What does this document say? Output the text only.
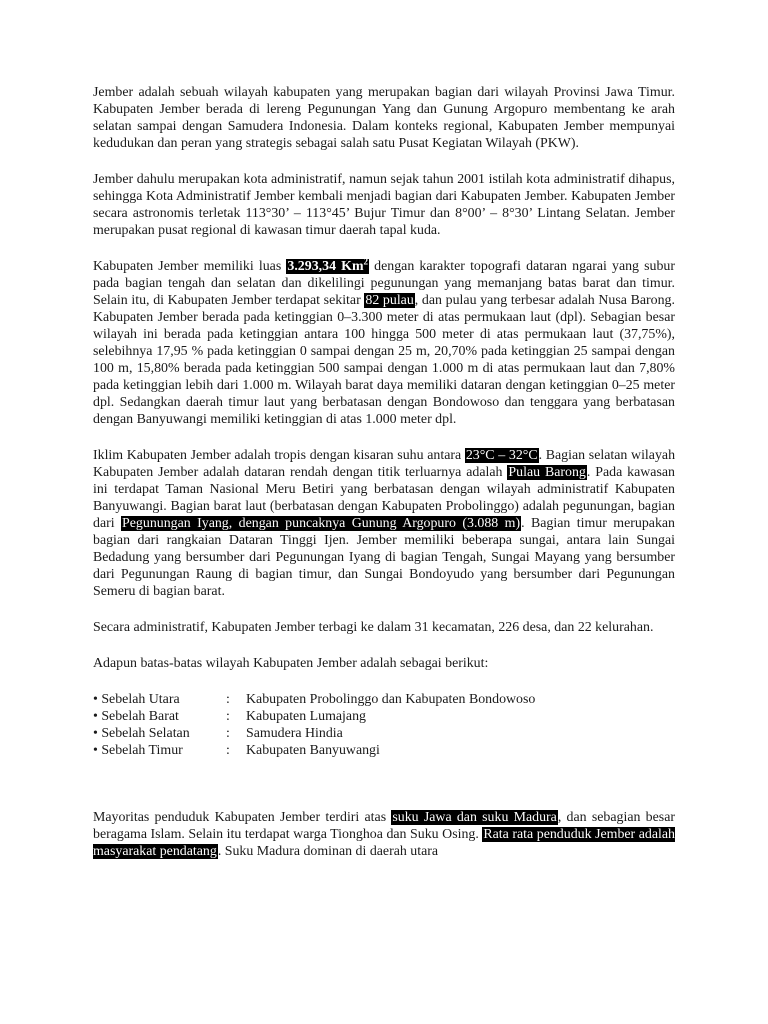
Jember adalah sebuah wilayah kabupaten yang merupakan bagian dari wilayah Provinsi Jawa Timur. Kabupaten Jember berada di lereng Pegunungan Yang dan Gunung Argopuro membentang ke arah selatan sampai dengan Samudera Indonesia. Dalam konteks regional, Kabupaten Jember mempunyai kedudukan dan peran yang strategis sebagai salah satu Pusat Kegiatan Wilayah (PKW).

Jember dahulu merupakan kota administratif, namun sejak tahun 2001 istilah kota administratif dihapus, sehingga Kota Administratif Jember kembali menjadi bagian dari Kabupaten Jember. Kabupaten Jember secara astronomis terletak 113°30’ – 113°45’ Bujur Timur dan 8°00’ – 8°30’ Lintang Selatan. Jember merupakan pusat regional di kawasan timur daerah tapal kuda.

Kabupaten Jember memiliki luas 3.293,34 Km$^2$ dengan karakter topografi dataran ngarai yang subur pada bagian tengah dan selatan dan dikelilingi pegunungan yang memanjang batas barat dan timur. Selain itu, di Kabupaten Jember terdapat sekitar 82 pulau, dan pulau yang terbesar adalah Nusa Barong. Kabupaten Jember berada pada ketinggian 0–3.300 meter di atas permukaan laut (dpl). Sebagian besar wilayah ini berada pada ketinggian antara 100 hingga 500 meter di atas permukaan laut (37,75%), selebihnya 17,95 % pada ketinggian 0 sampai dengan 25 m, 20,70% pada ketinggian 25 sampai dengan 100 m, 15,80% berada pada ketinggian 500 sampai dengan 1.000 m di atas permukaan laut dan 7,80% pada ketinggian lebih dari 1.000 m. Wilayah barat daya memiliki dataran dengan ketinggian 0–25 meter dpl. Sedangkan daerah timur laut yang berbatasan dengan Bondowoso dan tenggara yang berbatasan dengan Banyuwangi memiliki ketinggian di atas 1.000 meter dpl.

Iklim Kabupaten Jember adalah tropis dengan kisaran suhu antara 23°C – 32°C. Bagian selatan wilayah Kabupaten Jember adalah dataran rendah dengan titik terluarnya adalah Pulau Barong. Pada kawasan ini terdapat Taman Nasional Meru Betiri yang berbatasan dengan wilayah administratif Kabupaten Banyuwangi. Bagian barat laut (berbatasan dengan Kabupaten Probolinggo) adalah pegunungan, bagian dari Pegunungan Iyang, dengan puncaknya Gunung Argopuro (3.088 m). Bagian timur merupakan bagian dari rangkaian Dataran Tinggi Ijen. Jember memiliki beberapa sungai, antara lain Sungai Bedadung yang bersumber dari Pegunungan Iyang di bagian Tengah, Sungai Mayang yang bersumber dari Pegunungan Raung di bagian timur, dan Sungai Bondoyudo yang bersumber dari Pegunungan Semeru di bagian barat.

Secara administratif, Kabupaten Jember terbagi ke dalam 31 kecamatan, 226 desa, dan 22 kelurahan.

Adapun batas-batas wilayah Kabupaten Jember adalah sebagai berikut:

• Sebelah Utara	:	Kabupaten Probolinggo dan Kabupaten Bondowoso
• Sebelah Barat	:	Kabupaten Lumajang
• Sebelah Selatan	:	Samudera Hindia
• Sebelah Timur	:	Kabupaten Banyuwangi

Mayoritas penduduk Kabupaten Jember terdiri atas suku Jawa dan suku Madura, dan sebagian besar beragama Islam. Selain itu terdapat warga Tionghoa dan Suku Osing. Rata rata penduduk Jember adalah masyarakat pendatang. Suku Madura dominan di daerah utara
